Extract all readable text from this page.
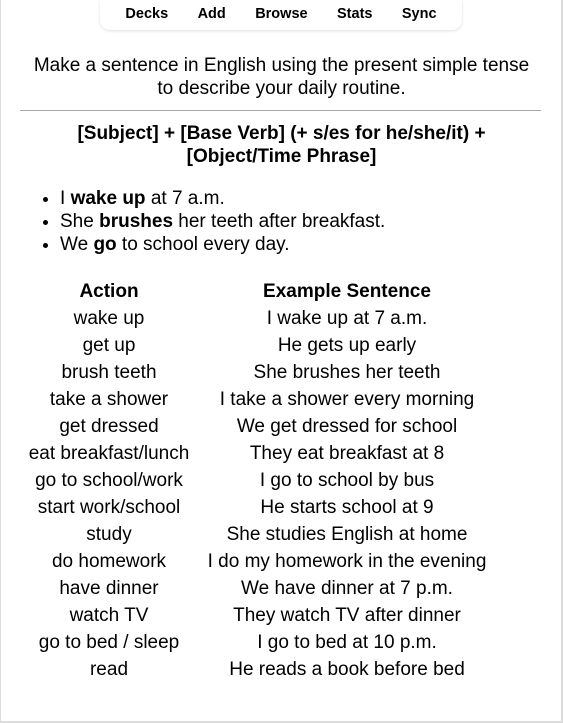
Decks Add Browse Stats Sync
Make a sentence in English using the present simple tense to describe your daily routine.
[Subject] + [Base Verb] (+ s/es for he/she/it) + [Object/Time Phrase]
• I wake up at 7 a.m.
• She brushes her teeth after breakfast.
• We go to school every day.
Action	Example Sentence
wake up	I wake up at 7 a.m.
get up	He gets up early
brush teeth	She brushes her teeth
take a shower	I take a shower every morning
get dressed	We get dressed for school
eat breakfast/lunch	They eat breakfast at 8
go to school/work	I go to school by bus
start work/school	He starts school at 9
study	She studies English at home
do homework	I do my homework in the evening
have dinner	We have dinner at 7 p.m.
watch TV	They watch TV after dinner
go to bed / sleep	I go to bed at 10 p.m.
read	He reads a book before bed
